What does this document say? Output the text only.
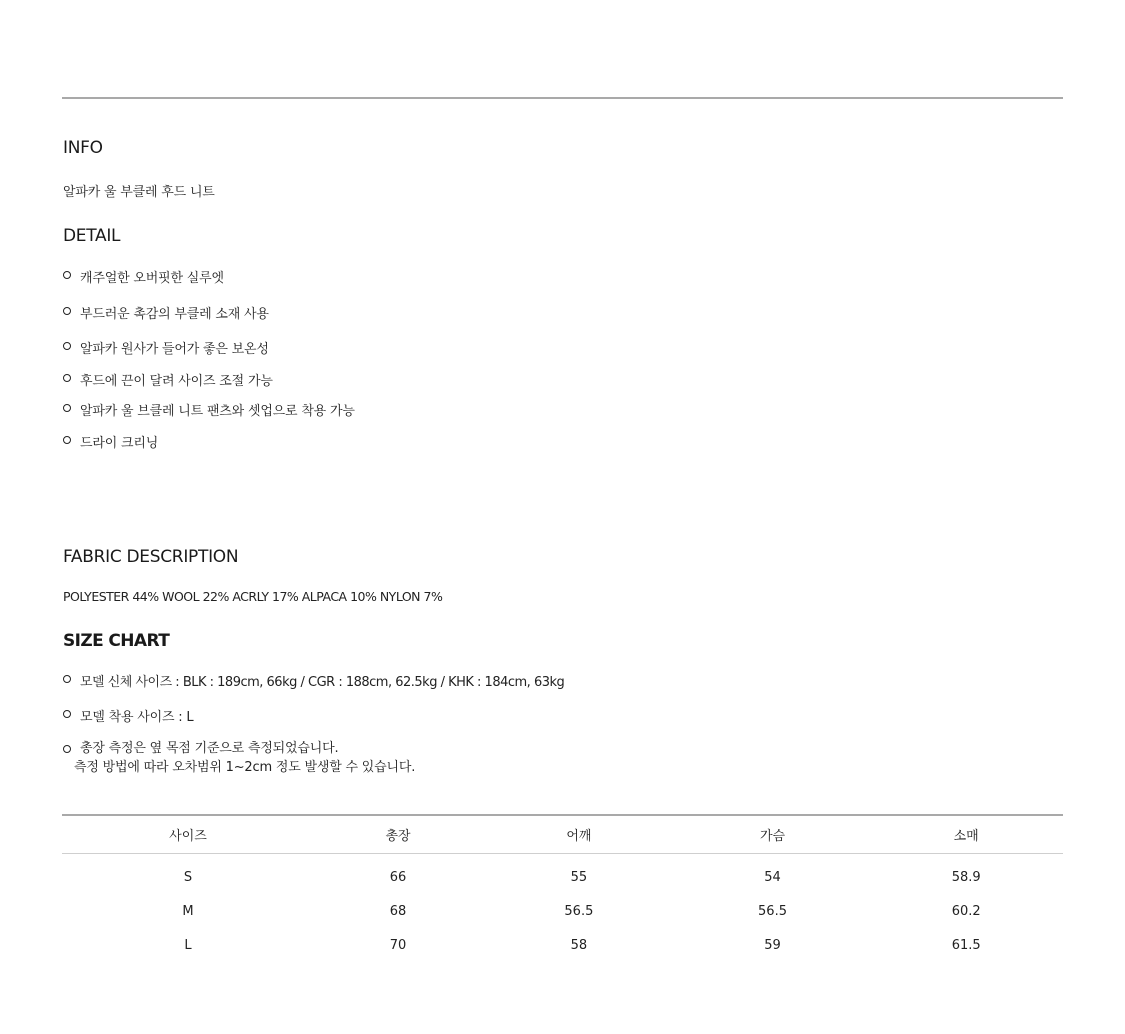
INFO
알파카 울 부클레 후드 니트
DETAIL
캐주얼한 오버핏한 실루엣
부드러운 촉감의 부클레 소재 사용
알파카 원사가 들어가 좋은 보온성
후드에 끈이 달려 사이즈 조절 가능
알파카 울 브클레 니트 팬츠와 셋업으로 착용 가능
드라이 크리닝
FABRIC DESCRIPTION
POLYESTER 44% WOOL 22% ACRLY 17% ALPACA 10% NYLON 7%
SIZE CHART
모델 신체 사이즈 : BLK : 189cm, 66kg / CGR : 188cm, 62.5kg / KHK : 184cm, 63kg
모델 착용 사이즈 : L
총장 측정은 옆 목점 기준으로 측정되었습니다.
측정 방법에 따라 오차범위 1~2cm 정도 발생할 수 있습니다.
사이즈	총장	어깨	가슴	소매
S	66	55	54	58.9
M	68	56.5	56.5	60.2
L	70	58	59	61.5
